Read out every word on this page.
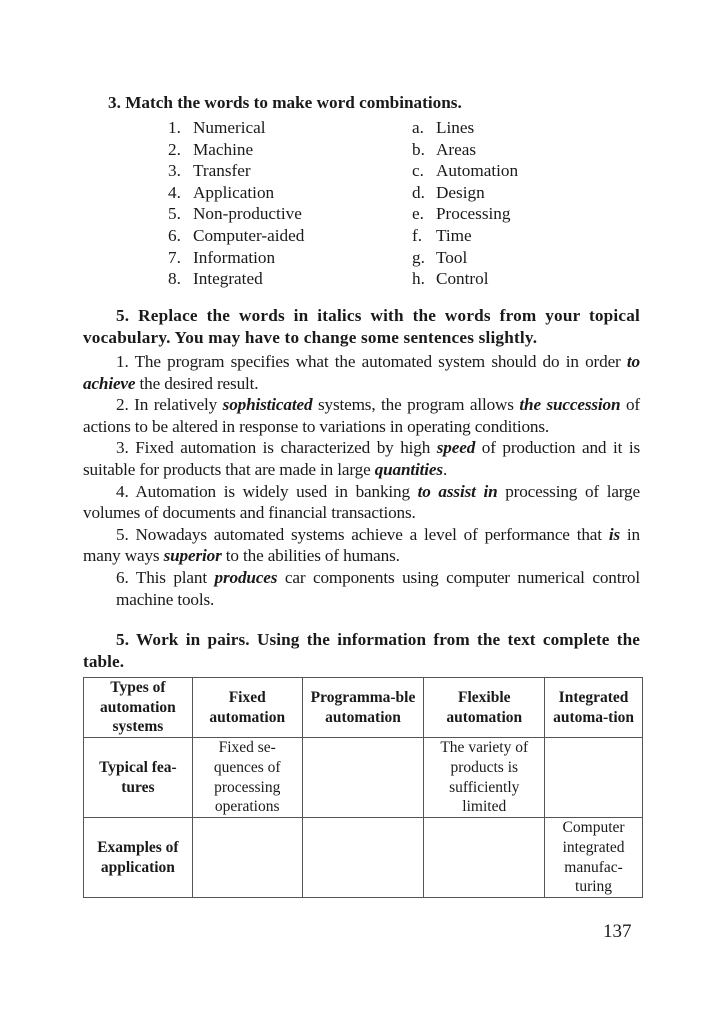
3. Match the words to make word combinations.
1. Numerical
2. Machine
3. Transfer
4. Application
5. Non-productive
6. Computer-aided
7. Information
8. Integrated
a. Lines
b. Areas
c. Automation
d. Design
e. Processing
f. Time
g. Tool
h. Control

5. Replace the words in italics with the words from your topical vocabulary. You may have to change some sentences slightly.

1. The program specifies what the automated system should do in order to achieve the desired result.

2. In relatively sophisticated systems, the program allows the succession of actions to be altered in response to variations in operating conditions.

3. Fixed automation is characterized by high speed of production and it is suitable for products that are made in large quantities.

4. Automation is widely used in banking to assist in processing of large volumes of documents and financial transactions.

5. Nowadays automated systems achieve a level of performance that is in many ways superior to the abilities of humans.

6. This plant produces car components using computer numerical control machine tools.

5. Work in pairs. Using the information from the text complete the table.

Types of automation systems	Fixed automation	Programma-ble automation	Flexible automation	Integrated automa-tion
Typical fea-tures	Fixed se-quences of processing operations		The variety of products is sufficiently limited	
Examples of application				Computer integrated manufac-turing
137
